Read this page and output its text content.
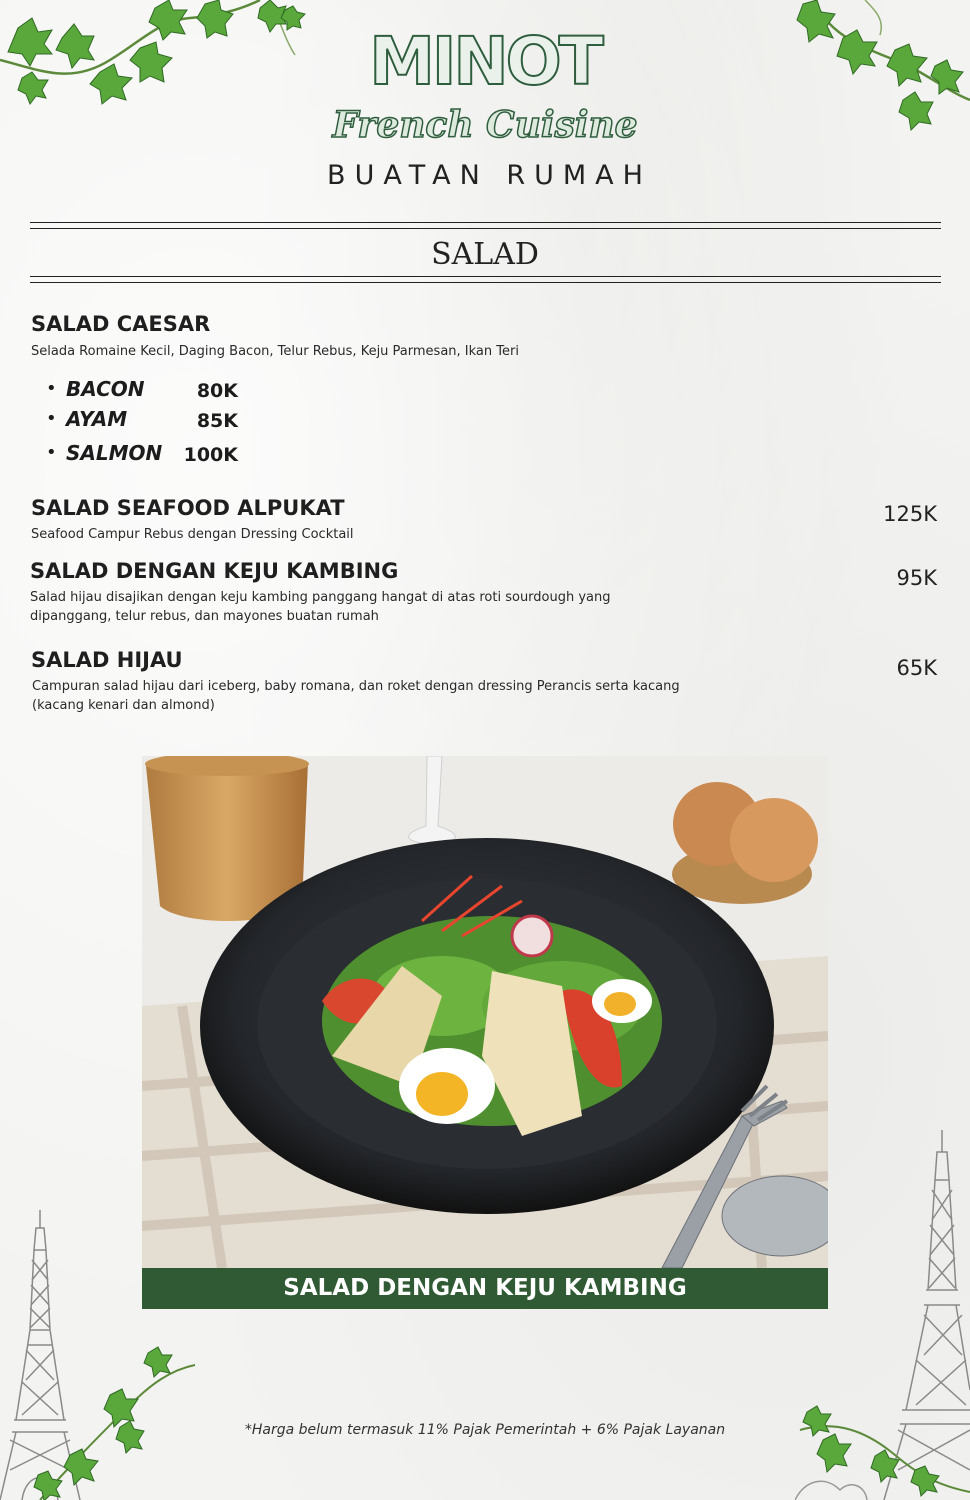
MINOT
French Cuisine
BUATAN RUMAH
SALAD
SALAD CAESAR
Selada Romaine Kecil, Daging Bacon, Telur Rebus, Keju Parmesan, Ikan Teri
• BACON	80K
• AYAM	85K
• SALMON 100K
SALAD SEAFOOD ALPUKAT	125K
Seafood Campur Rebus dengan Dressing Cocktail
SALAD DENGAN KEJU KAMBING	95K
Salad hijau disajikan dengan keju kambing panggang hangat di atas roti sourdough yang dipanggang, telur rebus, dan mayones buatan rumah
SALAD HIJAU	65K
Campuran salad hijau dari iceberg, baby romana, dan roket dengan dressing Perancis serta kacang (kacang kenari dan almond)
SALAD DENGAN KEJU KAMBING
*Harga belum termasuk 11% Pajak Pemerintah + 6% Pajak Layanan
